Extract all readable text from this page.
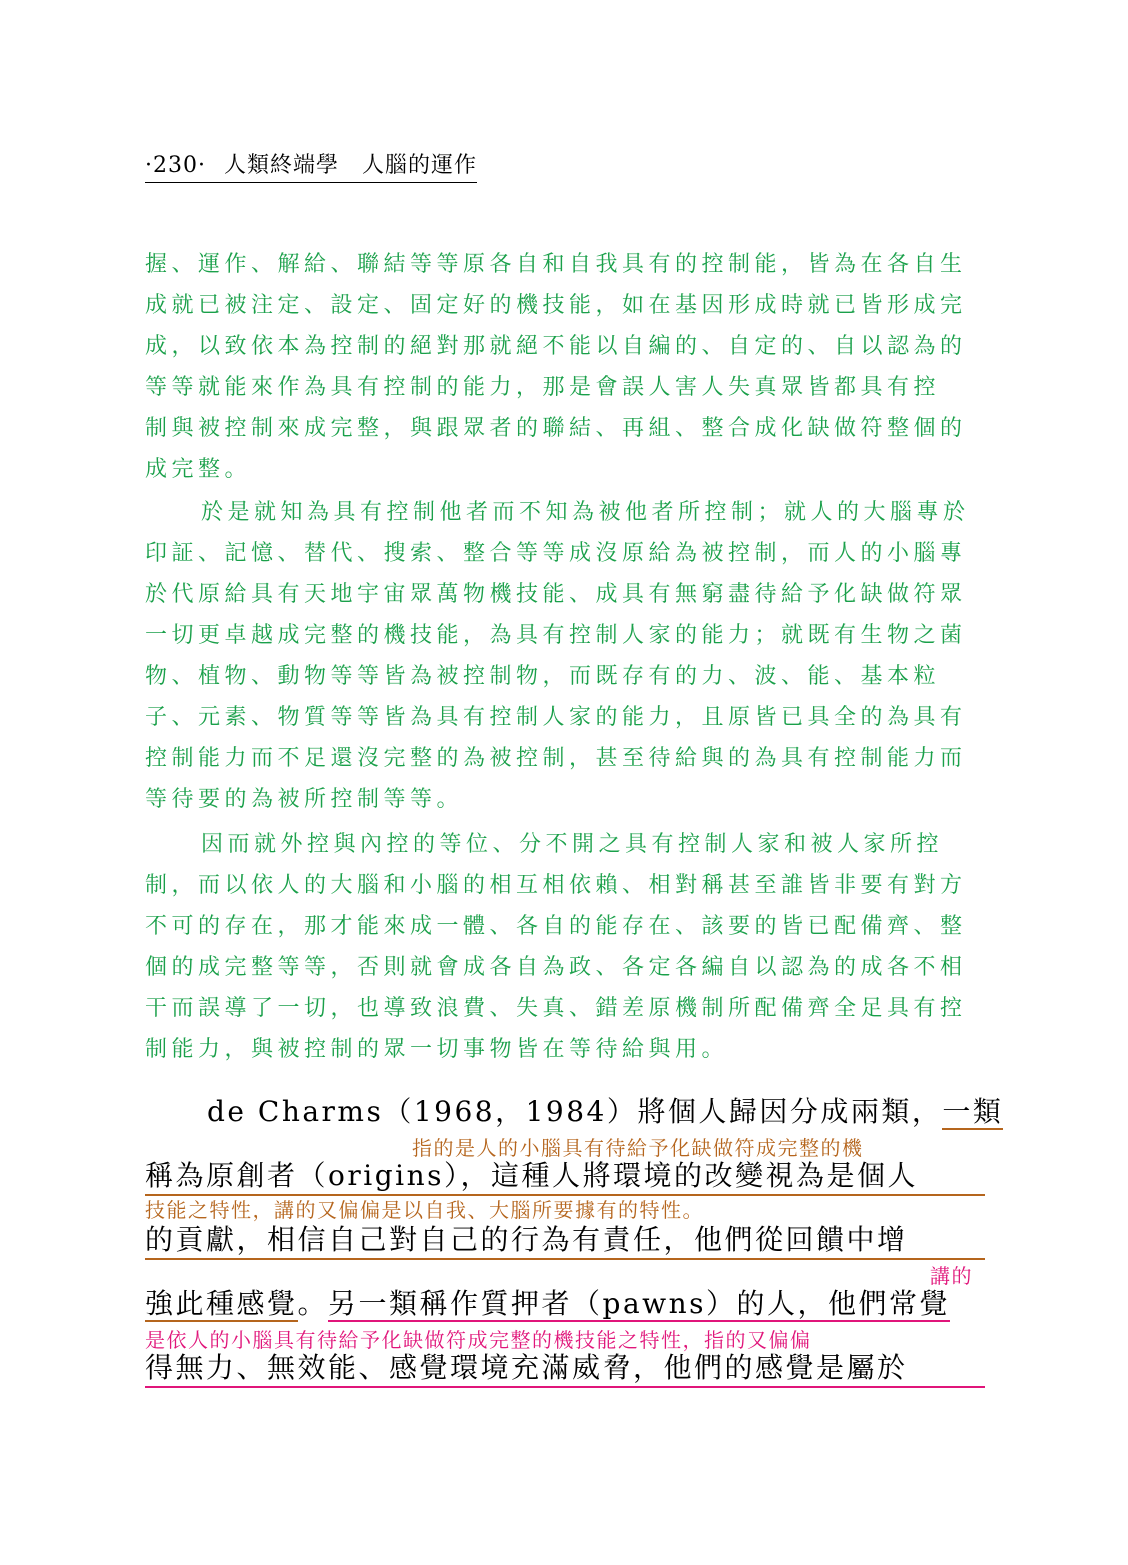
·230· 人類終端學　人腦的運作
握、運作、解給、聯結等等原各自和自我具有的控制能，皆為在各自生
成就已被注定、設定、固定好的機技能，如在基因形成時就已皆形成完
成，以致依本為控制的絕對那就絕不能以自編的、自定的、自以認為的
等等就能來作為具有控制的能力，那是會誤人害人失真眾皆都具有控
制與被控制來成完整，與跟眾者的聯結、再組、整合成化缺做符整個的
成完整。
於是就知為具有控制他者而不知為被他者所控制；就人的大腦專於
印証、記憶、替代、搜索、整合等等成沒原給為被控制，而人的小腦專
於代原給具有天地宇宙眾萬物機技能、成具有無窮盡待給予化缺做符眾
一切更卓越成完整的機技能，為具有控制人家的能力；就既有生物之菌
物、植物、動物等等皆為被控制物，而既存有的力、波、能、基本粒
子、元素、物質等等皆為具有控制人家的能力，且原皆已具全的為具有
控制能力而不足還沒完整的為被控制，甚至待給與的為具有控制能力而
等待要的為被所控制等等。
因而就外控與內控的等位、分不開之具有控制人家和被人家所控
制，而以依人的大腦和小腦的相互相依賴、相對稱甚至誰皆非要有對方
不可的存在，那才能來成一體、各自的能存在、該要的皆已配備齊、整
個的成完整等等，否則就會成各自為政、各定各編自以認為的成各不相
干而誤導了一切，也導致浪費、失真、錯差原機制所配備齊全足具有控
制能力，與被控制的眾一切事物皆在等待給與用。
de Charms（1968，1984）將個人歸因分成兩類，一類
指的是人的小腦具有待給予化缺做符成完整的機
稱為原創者（origins），這種人將環境的改變視為是個人
技能之特性，講的又偏偏是以自我、大腦所要據有的特性。
的貢獻，相信自己對自己的行為有責任，他們從回饋中增
講的
強此種感覺。另一類稱作質押者（pawns）的人，他們常覺
是依人的小腦具有待給予化缺做符成完整的機技能之特性，指的又偏偏
得無力、無效能、感覺環境充滿威脅，他們的感覺是屬於
